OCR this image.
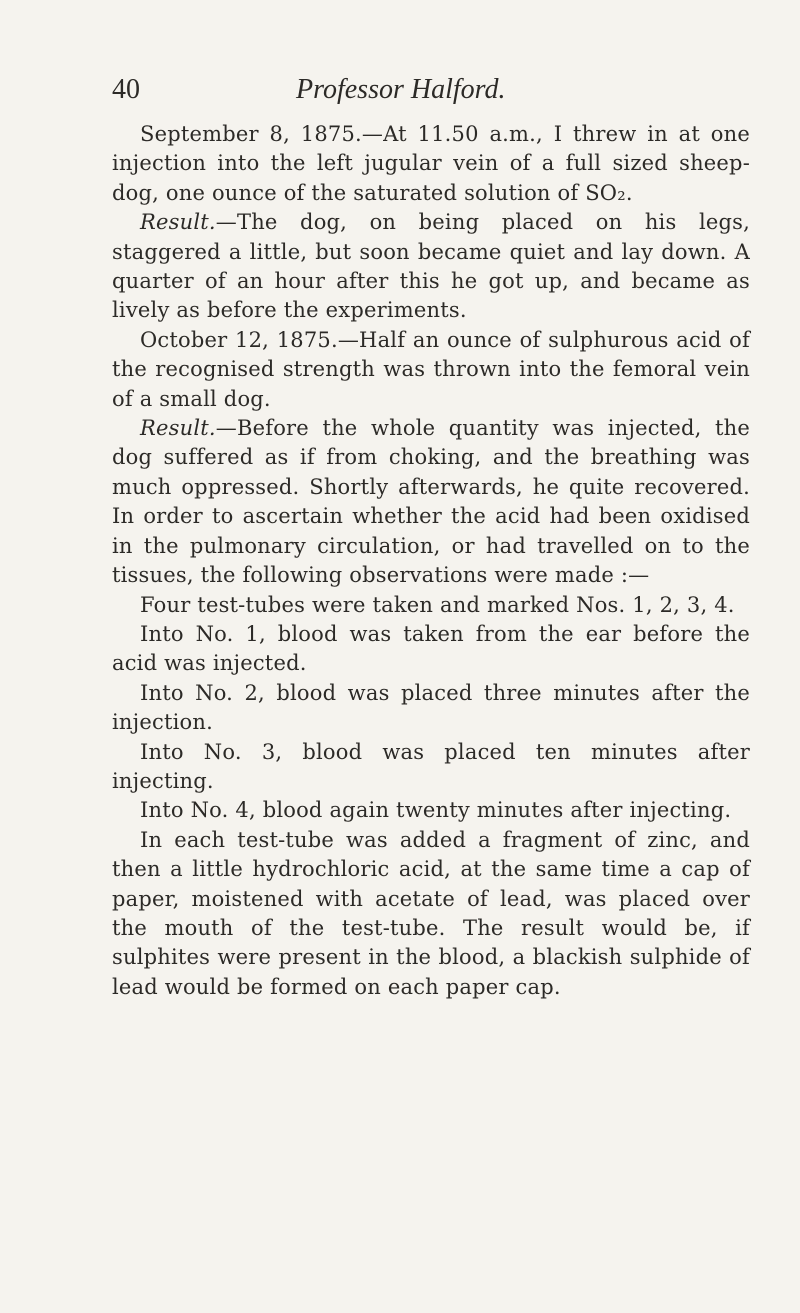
40	Professor Halford.

September 8, 1875.—At 11.50 a.m., I threw in at one injection into the left jugular vein of a full sized sheep-dog, one ounce of the saturated solution of SO₂.

Result.—The dog, on being placed on his legs, staggered a little, but soon became quiet and lay down. A quarter of an hour after this he got up, and became as lively as before the experiments.

October 12, 1875.—Half an ounce of sulphurous acid of the recognised strength was thrown into the femoral vein of a small dog.

Result.—Before the whole quantity was injected, the dog suffered as if from choking, and the breathing was much oppressed. Shortly afterwards, he quite recovered. In order to ascertain whether the acid had been oxidised in the pulmonary circulation, or had travelled on to the tissues, the following observations were made :—

Four test-tubes were taken and marked Nos. 1, 2, 3, 4.

Into No. 1, blood was taken from the ear before the acid was injected.

Into No. 2, blood was placed three minutes after the injection.

Into No. 3, blood was placed ten minutes after injecting.

Into No. 4, blood again twenty minutes after injecting.

In each test-tube was added a fragment of zinc, and then a little hydrochloric acid, at the same time a cap of paper, moistened with acetate of lead, was placed over the mouth of the test-tube. The result would be, if sulphites were present in the blood, a blackish sulphide of lead would be formed on each paper cap.
